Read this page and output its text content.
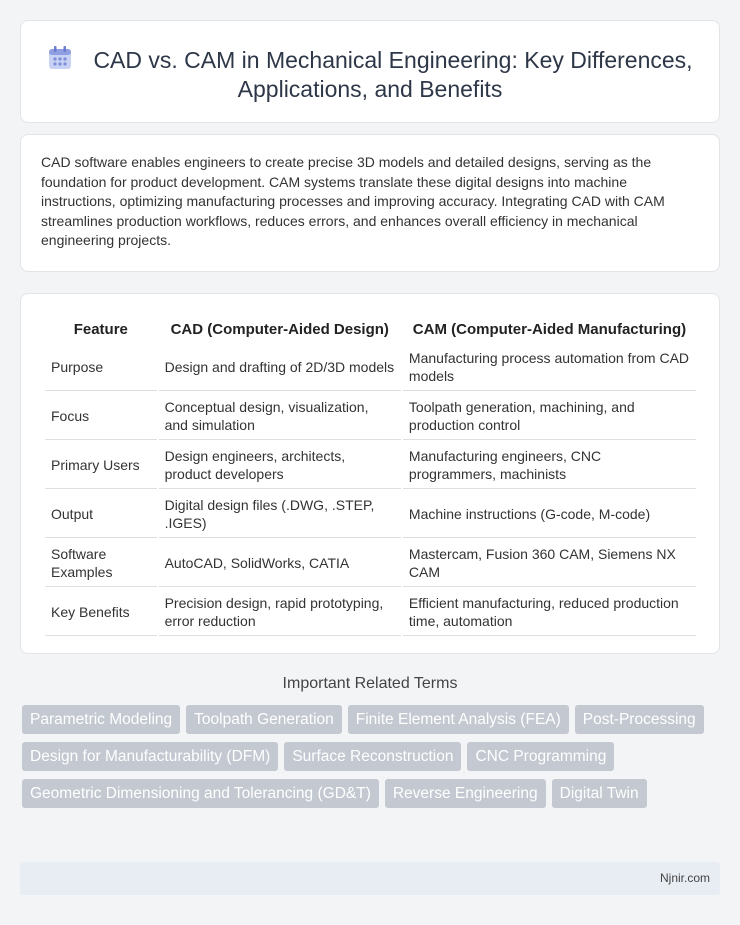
CAD vs. CAM in Mechanical Engineering: Key Differences, Applications, and Benefits

CAD software enables engineers to create precise 3D models and detailed designs, serving as the foundation for product development. CAM systems translate these digital designs into machine instructions, optimizing manufacturing processes and improving accuracy. Integrating CAD with CAM streamlines production workflows, reduces errors, and enhances overall efficiency in mechanical engineering projects.

Feature	CAD (Computer-Aided Design)	CAM (Computer-Aided Manufacturing)
Purpose	Design and drafting of 2D/3D models	Manufacturing process automation from CAD models
Focus	Conceptual design, visualization, and simulation	Toolpath generation, machining, and production control
Primary Users	Design engineers, architects, product developers	Manufacturing engineers, CNC programmers, machinists
Output	Digital design files (.DWG, .STEP, .IGES)	Machine instructions (G-code, M-code)
Software Examples	AutoCAD, SolidWorks, CATIA	Mastercam, Fusion 360 CAM, Siemens NX CAM
Key Benefits	Precision design, rapid prototyping, error reduction	Efficient manufacturing, reduced production time, automation
Important Related Terms
Parametric Modeling	Toolpath Generation	Finite Element Analysis (FEA)	Post-Processing
Design for Manufacturability (DFM)	Surface Reconstruction	CNC Programming
Geometric Dimensioning and Tolerancing (GD&T)	Reverse Engineering	Digital Twin
Njnir.com
